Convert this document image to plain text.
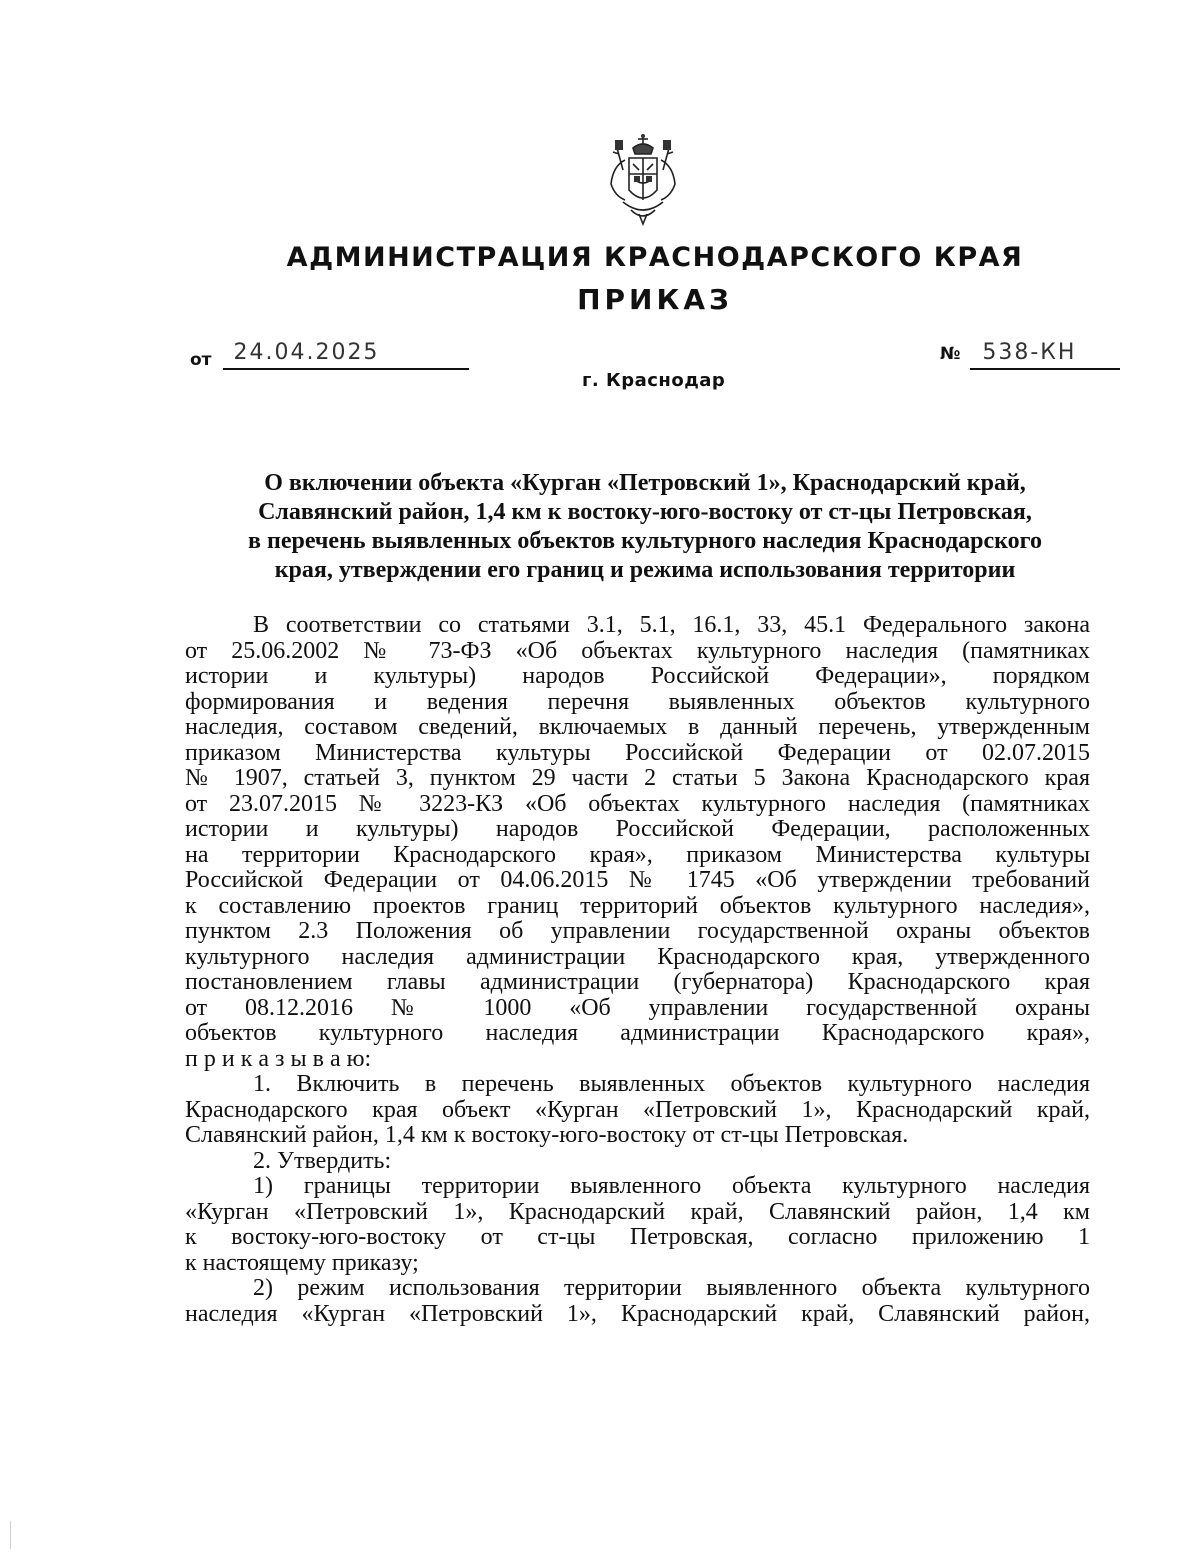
АДМИНИСТРАЦИЯ КРАСНОДАРСКОГО КРАЯ
ПРИКАЗ
от 24.04.2025	№ 538-КН
г. Краснодар
О включении объекта «Курган «Петровский 1», Краснодарский край,
Славянский район, 1,4 км к востоку-юго-востоку от ст-цы Петровская,
в перечень выявленных объектов культурного наследия Краснодарского
края, утверждении его границ и режима использования территории
В соответствии со статьями 3.1, 5.1, 16.1, 33, 45.1 Федерального закона
от 25.06.2002 № 73-ФЗ «Об объектах культурного наследия (памятниках
истории и культуры) народов Российской Федерации», порядком
формирования и ведения перечня выявленных объектов культурного
наследия, составом сведений, включаемых в данный перечень, утвержденным
приказом Министерства культуры Российской Федерации от 02.07.2015
№ 1907, статьей 3, пунктом 29 части 2 статьи 5 Закона Краснодарского края
от 23.07.2015 № 3223-КЗ «Об объектах культурного наследия (памятниках
истории и культуры) народов Российской Федерации, расположенных
на территории Краснодарского края», приказом Министерства культуры
Российской Федерации от 04.06.2015 № 1745 «Об утверждении требований
к составлению проектов границ территорий объектов культурного наследия»,
пунктом 2.3 Положения об управлении государственной охраны объектов
культурного наследия администрации Краснодарского края, утвержденного
постановлением главы администрации (губернатора) Краснодарского края
от 08.12.2016 № 1000 «Об управлении государственной охраны
объектов культурного наследия администрации Краснодарского края»,
п р и к а з ы в а ю:
1. Включить в перечень выявленных объектов культурного наследия
Краснодарского края объект «Курган «Петровский 1», Краснодарский край,
Славянский район, 1,4 км к востоку-юго-востоку от ст-цы Петровская.
2. Утвердить:
1) границы территории выявленного объекта культурного наследия
«Курган «Петровский 1», Краснодарский край, Славянский район, 1,4 км
к востоку-юго-востоку от ст-цы Петровская, согласно приложению 1
к настоящему приказу;
2) режим использования территории выявленного объекта культурного
наследия «Курган «Петровский 1», Краснодарский край, Славянский район,
